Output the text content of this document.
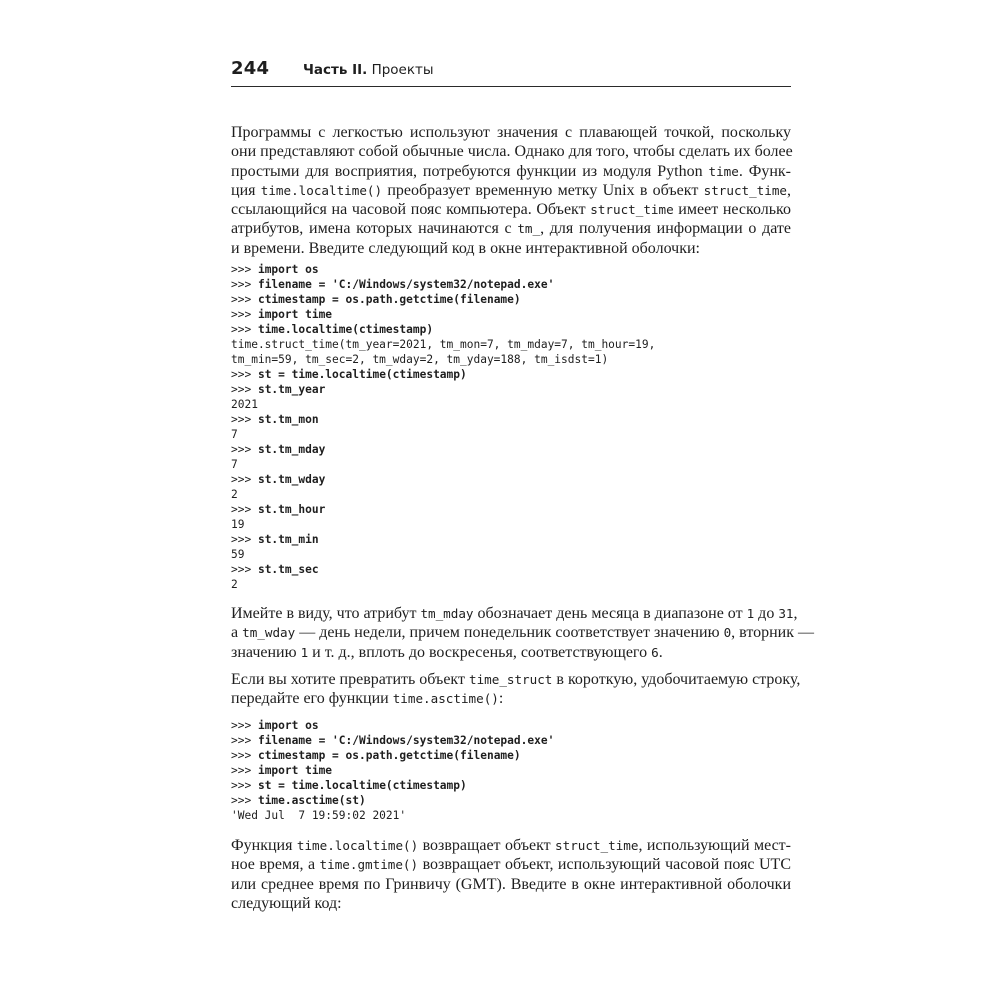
244	Часть II. Проекты
Программы с легкостью используют значения с плавающей точкой, поскольку
они представляют собой обычные числа. Однако для того, чтобы сделать их более
простыми для восприятия, потребуются функции из модуля Python time. Функ-
ция time.localtime() преобразует временную метку Unix в объект struct_time,
ссылающийся на часовой пояс компьютера. Объект struct_time имеет несколько
атрибутов, имена которых начинаются с tm_, для получения информации о дате
и времени. Введите следующий код в окне интерактивной оболочки:
>>> import os
>>> filename = 'C:/Windows/system32/notepad.exe'
>>> ctimestamp = os.path.getctime(filename)
>>> import time
>>> time.localtime(ctimestamp)
time.struct_time(tm_year=2021, tm_mon=7, tm_mday=7, tm_hour=19,
tm_min=59, tm_sec=2, tm_wday=2, tm_yday=188, tm_isdst=1)
>>> st = time.localtime(ctimestamp)
>>> st.tm_year
2021
>>> st.tm_mon
7
>>> st.tm_mday
7
>>> st.tm_wday
2
>>> st.tm_hour
19
>>> st.tm_min
59
>>> st.tm_sec
2
Имейте в виду, что атрибут tm_mday обозначает день месяца в диапазоне от 1 до 31,
а tm_wday — день недели, причем понедельник соответствует значению 0, вторник —
значению 1 и т. д., вплоть до воскресенья, соответствующего 6.
Если вы хотите превратить объект time_struct в короткую, удобочитаемую строку,
передайте его функции time.asctime():
>>> import os
>>> filename = 'C:/Windows/system32/notepad.exe'
>>> ctimestamp = os.path.getctime(filename)
>>> import time
>>> st = time.localtime(ctimestamp)
>>> time.asctime(st)
'Wed Jul  7 19:59:02 2021'
Функция time.localtime() возвращает объект struct_time, использующий мест-
ное время, а time.gmtime() возвращает объект, использующий часовой пояс UTC
или среднее время по Гринвичу (GMT). Введите в окне интерактивной оболочки
следующий код:
